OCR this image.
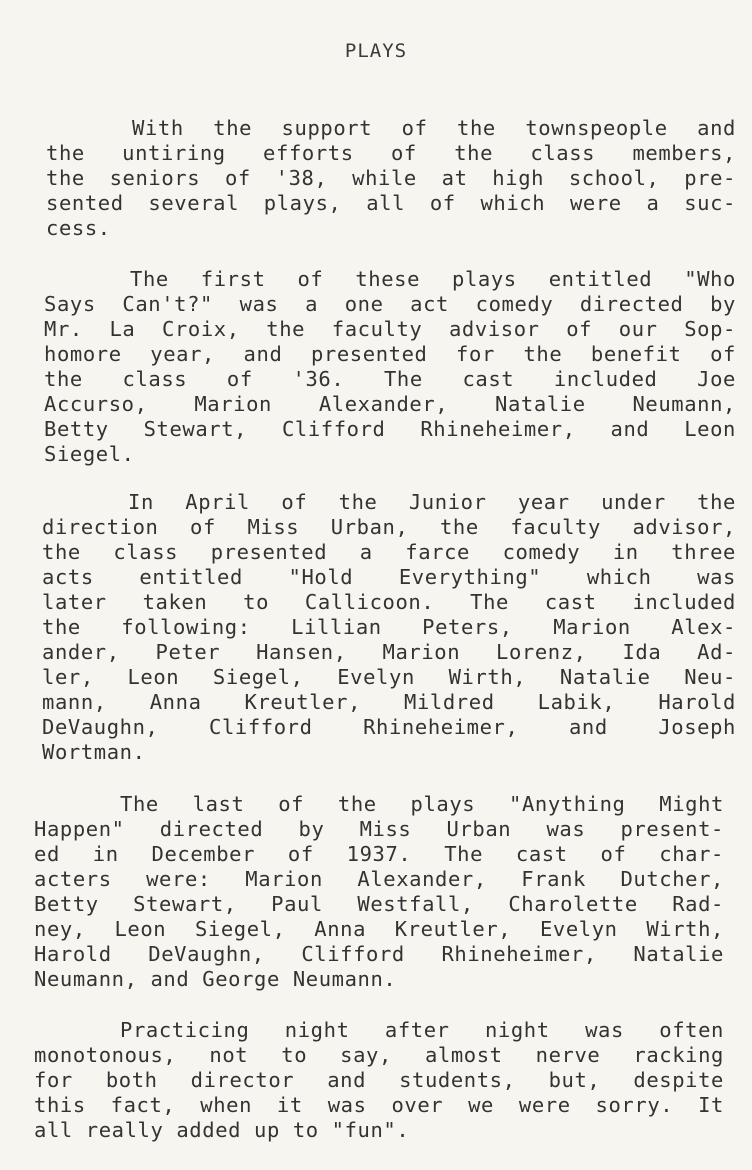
PLAYS
With the support of the townspeople and
the untiring efforts of the class members,
the seniors of '38, while at high school, pre-
sented several plays, all of which were a suc-
cess.
The first of these plays entitled "Who
Says Can't?" was a one act comedy directed by
Mr. La Croix, the faculty advisor of our Sop-
homore year, and presented for the benefit of
the class of '36. The cast included Joe
Accurso, Marion Alexander, Natalie Neumann,
Betty Stewart, Clifford Rhineheimer, and Leon
Siegel.
In April of the Junior year under the
direction of Miss Urban, the faculty advisor,
the class presented a farce comedy in three
acts entitled "Hold Everything" which was
later taken to Callicoon. The cast included
the following: Lillian Peters, Marion Alex-
ander, Peter Hansen, Marion Lorenz, Ida Ad-
ler, Leon Siegel, Evelyn Wirth, Natalie Neu-
mann, Anna Kreutler, Mildred Labik, Harold
DeVaughn, Clifford Rhineheimer, and Joseph
Wortman.
The last of the plays "Anything Might
Happen" directed by Miss Urban was present-
ed in December of 1937. The cast of char-
acters were: Marion Alexander, Frank Dutcher,
Betty Stewart, Paul Westfall, Charolette Rad-
ney, Leon Siegel, Anna Kreutler, Evelyn Wirth,
Harold DeVaughn, Clifford Rhineheimer, Natalie
Neumann, and George Neumann.
Practicing night after night was often
monotonous, not to say, almost nerve racking
for both director and students, but, despite
this fact, when it was over we were sorry. It
all really added up to "fun".
